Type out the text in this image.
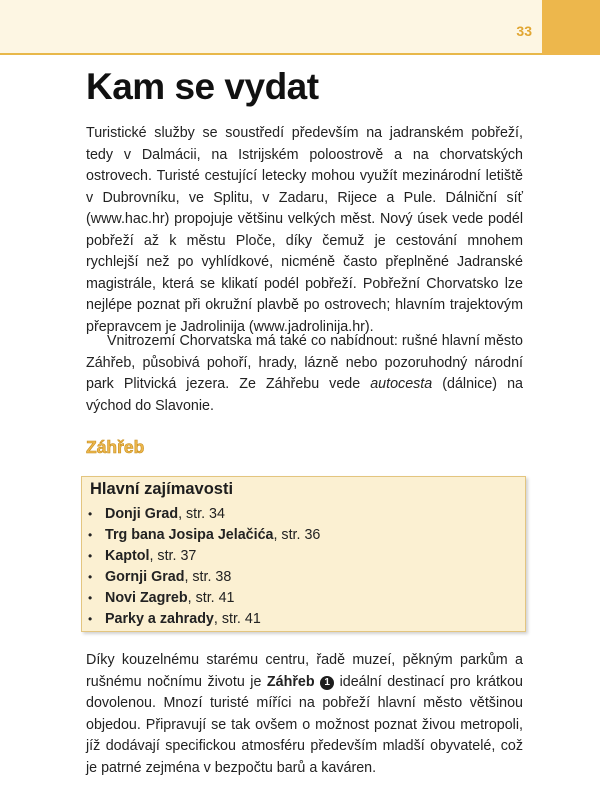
33
Kam se vydat

Turistické služby se soustředí především na jadranském pobřeží, tedy v Dalmácii, na Istrijském poloostrově a na chorvatských ostrovech. Turisté cestující letecky mohou využít mezinárodní letiště v Dubrovníku, ve Splitu, v Zadaru, Rijece a Pule. Dálniční síť (www.hac.hr) propojuje většinu velkých měst. Nový úsek vede podél pobřeží až k městu Ploče, díky čemuž je cestování mnohem rychlejší než po vyhlídkové, nicméně často přeplněné Jadranské magistrále, která se klikatí podél pobřeží. Pobřežní Chorvatsko lze nejlépe poznat při okružní plavbě po ostrovech; hlavním trajektovým přepravcem je Jadrolinija (www.jadrolinija.hr).

Vnitrozemí Chorvatska má také co nabídnout: rušné hlavní město Záhřeb, působivá pohoří, hrady, lázně nebo pozoruhodný národní park Plitvická jezera. Ze Záhřebu vede autocesta (dálnice) na východ do Slavonie.

Záhřeb
Hlavní zajímavosti
• Donji Grad, str. 34
• Trg bana Josipa Jelačića, str. 36
• Kaptol, str. 37
• Gornji Grad, str. 38
• Novi Zagreb, str. 41
• Parky a zahrady, str. 41

Díky kouzelnému starému centru, řadě muzeí, pěkným parkům a rušnému nočnímu životu je Záhřeb 1 ideální destinací pro krátkou dovolenou. Mnozí turisté míříci na pobřeží hlavní město většinou objedou. Připravují se tak ovšem o možnost poznat živou metropoli, jíž dodávají specifickou atmosféru především mladší obyvatelé, což je patrné zejména v bezpočtu barů a kaváren.
